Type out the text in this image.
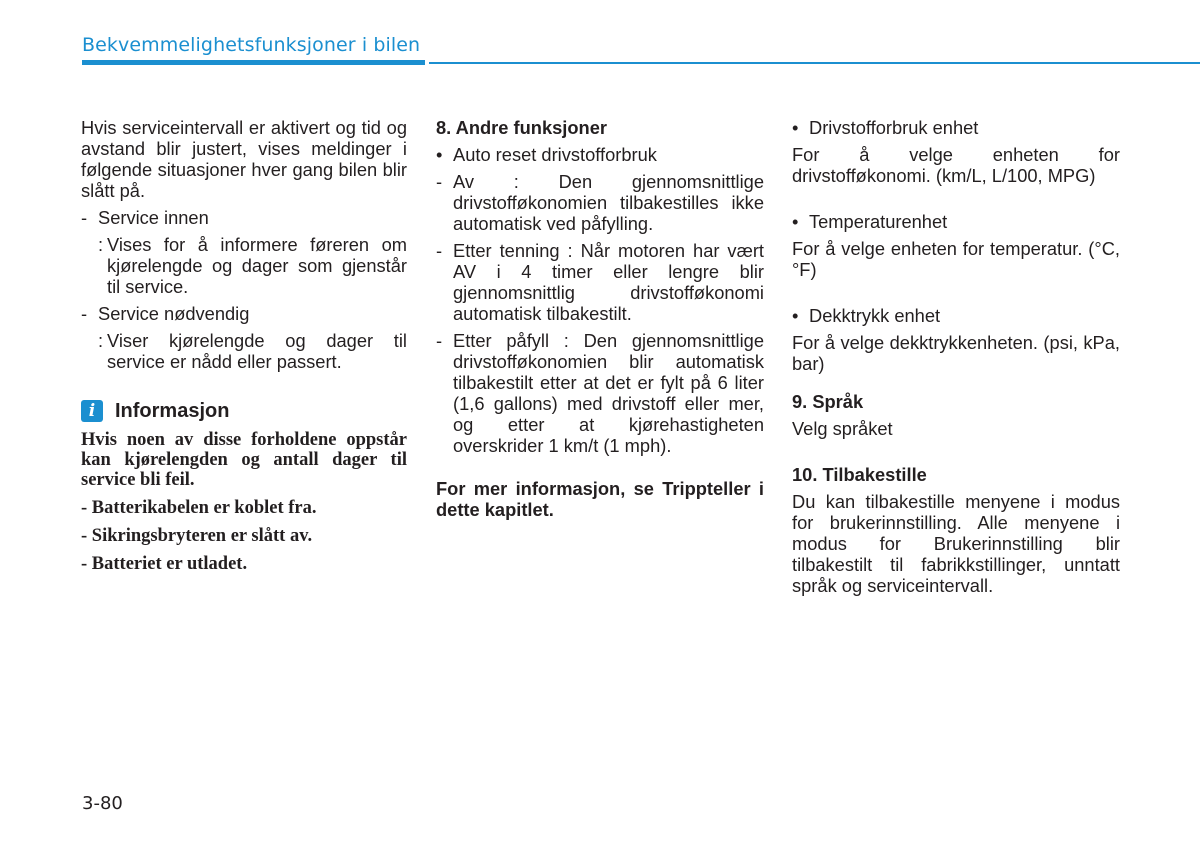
Bekvemmelighetsfunksjoner i bilen

Hvis serviceintervall er aktivert og tid og avstand blir justert, vises meldinger i følgende situasjoner hver gang bilen blir slått på.

- Service innen
: Vises for å informere føreren om kjørelengde og dager som gjenstår til service.
- Service nødvendig
: Viser kjørelengde og dager til service er nådd eller passert.
i Informasjon

Hvis noen av disse forholdene oppstår kan kjørelengden og antall dager til service bli feil.

- Batterikabelen er koblet fra.

- Sikringsbryteren er slått av.

- Batteriet er utladet.

8. Andre funksjoner

• Auto reset drivstofforbruk
- Av : Den gjennomsnittlige drivstofføkonomien tilbakestilles ikke automatisk ved påfylling.
- Etter tenning : Når motoren har vært AV i 4 timer eller lengre blir gjennomsnittlig drivstofføkonomi automatisk tilbakestilt.
- Etter påfyll : Den gjennomsnittlige drivstofføkonomien blir automatisk tilbakestilt etter at det er fylt på 6 liter (1,6 gallons) med drivstoff eller mer, og etter at kjørehastigheten overskrider 1 km/t (1 mph).

For mer informasjon, se Trippteller i dette kapitlet.

• Drivstofforbruk enhet

For å velge enheten for drivstofføkonomi. (km/L, L/100, MPG)

• Temperaturenhet

For å velge enheten for temperatur. (°C, °F)

• Dekktrykk enhet

For å velge dekktrykkenheten. (psi, kPa, bar)

9. Språk

Velg språket

10. Tilbakestille

Du kan tilbakestille menyene i modus for brukerinnstilling. Alle menyene i modus for Brukerinnstilling blir tilbakestilt til fabrikkstillinger, unntatt språk og serviceintervall.

3-80
